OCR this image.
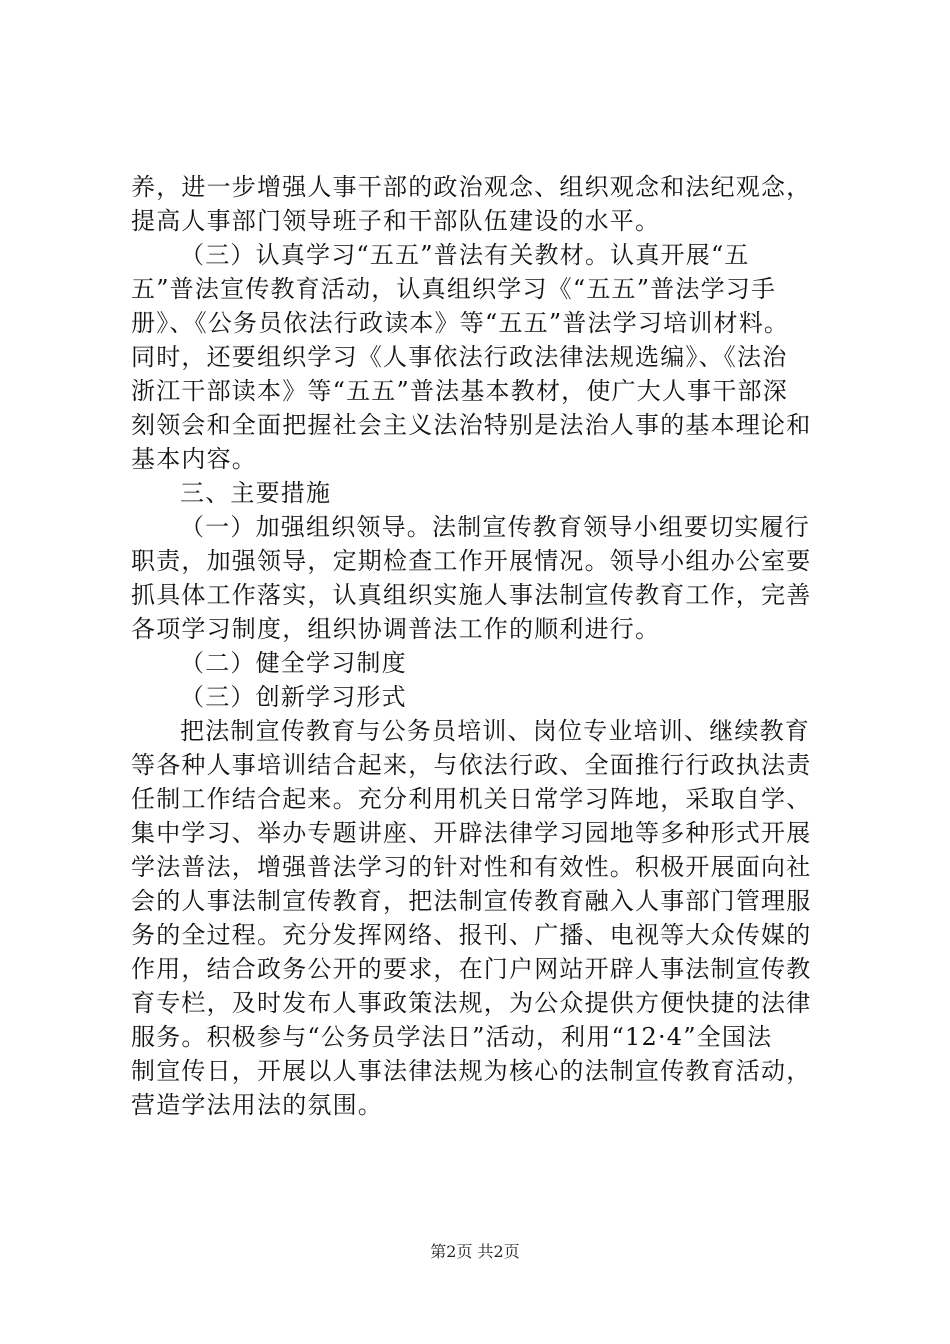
养，进一步增强人事干部的政治观念、组织观念和法纪观念，
提高人事部门领导班子和干部队伍建设的水平。
（三）认真学习“五五”普法有关教材。认真开展“五
五”普法宣传教育活动，认真组织学习《“五五”普法学习手
册》、《公务员依法行政读本》等“五五”普法学习培训材料。
同时，还要组织学习《人事依法行政法律法规选编》、《法治
浙江干部读本》等“五五”普法基本教材，使广大人事干部深
刻领会和全面把握社会主义法治特别是法治人事的基本理论和
基本内容。
三、主要措施
（一）加强组织领导。法制宣传教育领导小组要切实履行
职责，加强领导，定期检查工作开展情况。领导小组办公室要
抓具体工作落实，认真组织实施人事法制宣传教育工作，完善
各项学习制度，组织协调普法工作的顺利进行。
（二）健全学习制度
（三）创新学习形式
把法制宣传教育与公务员培训、岗位专业培训、继续教育
等各种人事培训结合起来，与依法行政、全面推行行政执法责
任制工作结合起来。充分利用机关日常学习阵地，采取自学、
集中学习、举办专题讲座、开辟法律学习园地等多种形式开展
学法普法，增强普法学习的针对性和有效性。积极开展面向社
会的人事法制宣传教育，把法制宣传教育融入人事部门管理服
务的全过程。充分发挥网络、报刊、广播、电视等大众传媒的
作用，结合政务公开的要求，在门户网站开辟人事法制宣传教
育专栏，及时发布人事政策法规，为公众提供方便快捷的法律
服务。积极参与“公务员学法日”活动，利用“12·4”全国法
制宣传日，开展以人事法律法规为核心的法制宣传教育活动，
营造学法用法的氛围。
第2页 共2页
